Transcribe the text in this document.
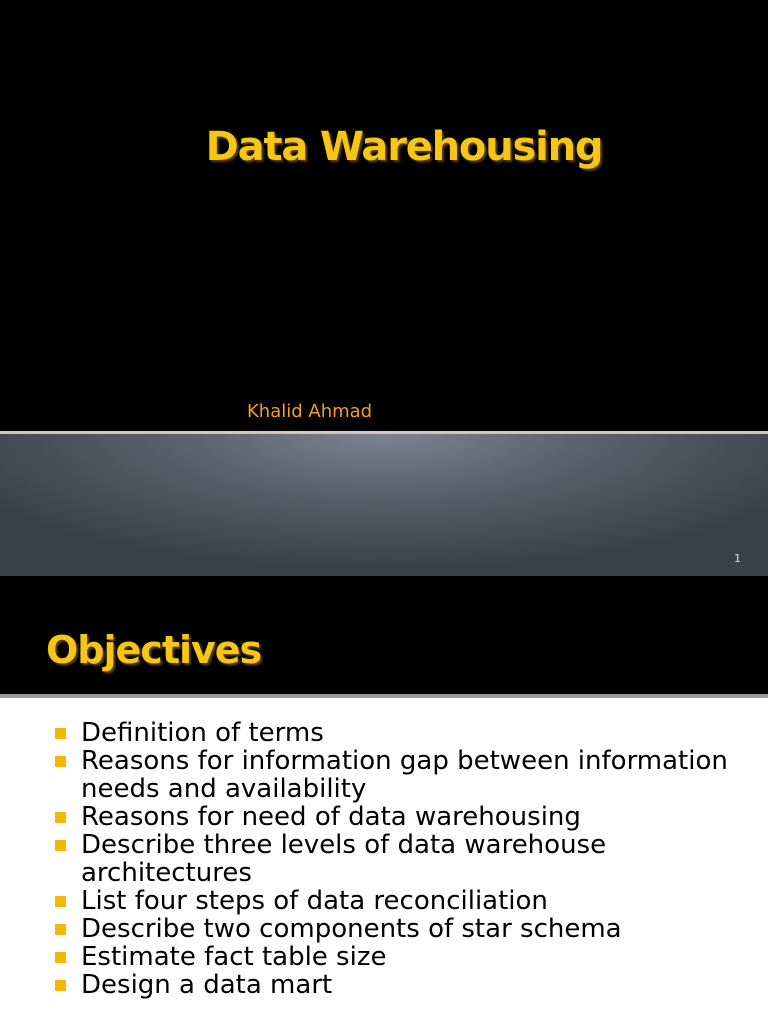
Data Warehousing
Khalid Ahmad
1
Objectives
Definition of terms
Reasons for information gap between information needs and availability
Reasons for need of data warehousing
Describe three levels of data warehouse architectures
List four steps of data reconciliation
Describe two components of star schema
Estimate fact table size
Design a data mart
